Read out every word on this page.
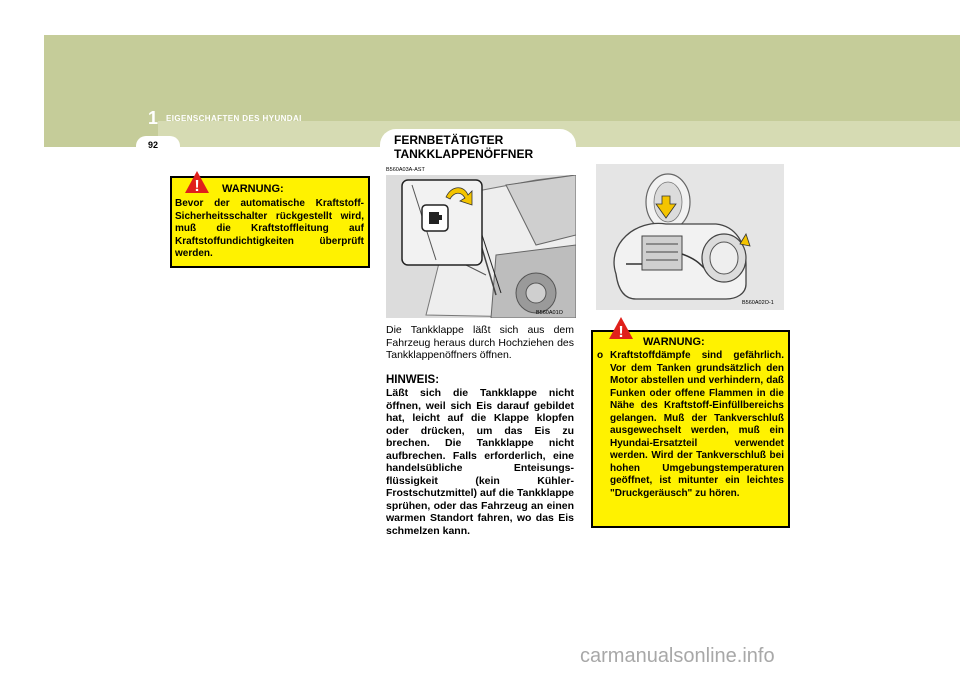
1 EIGENSCHAFTEN DES HYUNDAI
92	FERNBETÄTIGTER
TANKKLAPPENÖFFNER
B560A03A-AST
! WARNUNG:
Bevor der automatische Kraftstoff-Sicherheitsschalter rückgestellt wird, muß die Kraftstoffleitung auf Kraftstoffundichtigkeiten überprüft werden.
B560A01O
B560A02O-1
Die Tankklappe läßt sich aus dem Fahrzeug heraus durch Hochziehen des Tankklappenöffners öffnen.
HINWEIS:
Läßt sich die Tankklappe nicht öffnen, weil sich Eis darauf gebildet hat, leicht auf die Klappe klopfen oder drücken, um das Eis zu brechen. Die Tankklappe nicht aufbrechen. Falls erforderlich, eine handelsübliche Enteisungs-flüssigkeit (kein Kühler-Frostschutzmittel) auf die Tankklappe sprühen, oder das Fahrzeug an einen warmen Standort fahren, wo das Eis schmelzen kann.
!
WARNUNG:
o Kraftstoffdämpfe sind gefährlich. Vor dem Tanken grundsätzlich den Motor abstellen und verhindern, daß Funken oder offene Flammen in die Nähe des Kraftstoff-Einfüllbereichs gelangen. Muß der Tankverschluß ausgewechselt werden, muß ein Hyundai-Ersatzteil verwendet werden. Wird der Tankverschluß bei hohen Umgebungstemperaturen geöffnet, ist mitunter ein leichtes "Druckgeräusch" zu hören.
carmanualsonline.info
